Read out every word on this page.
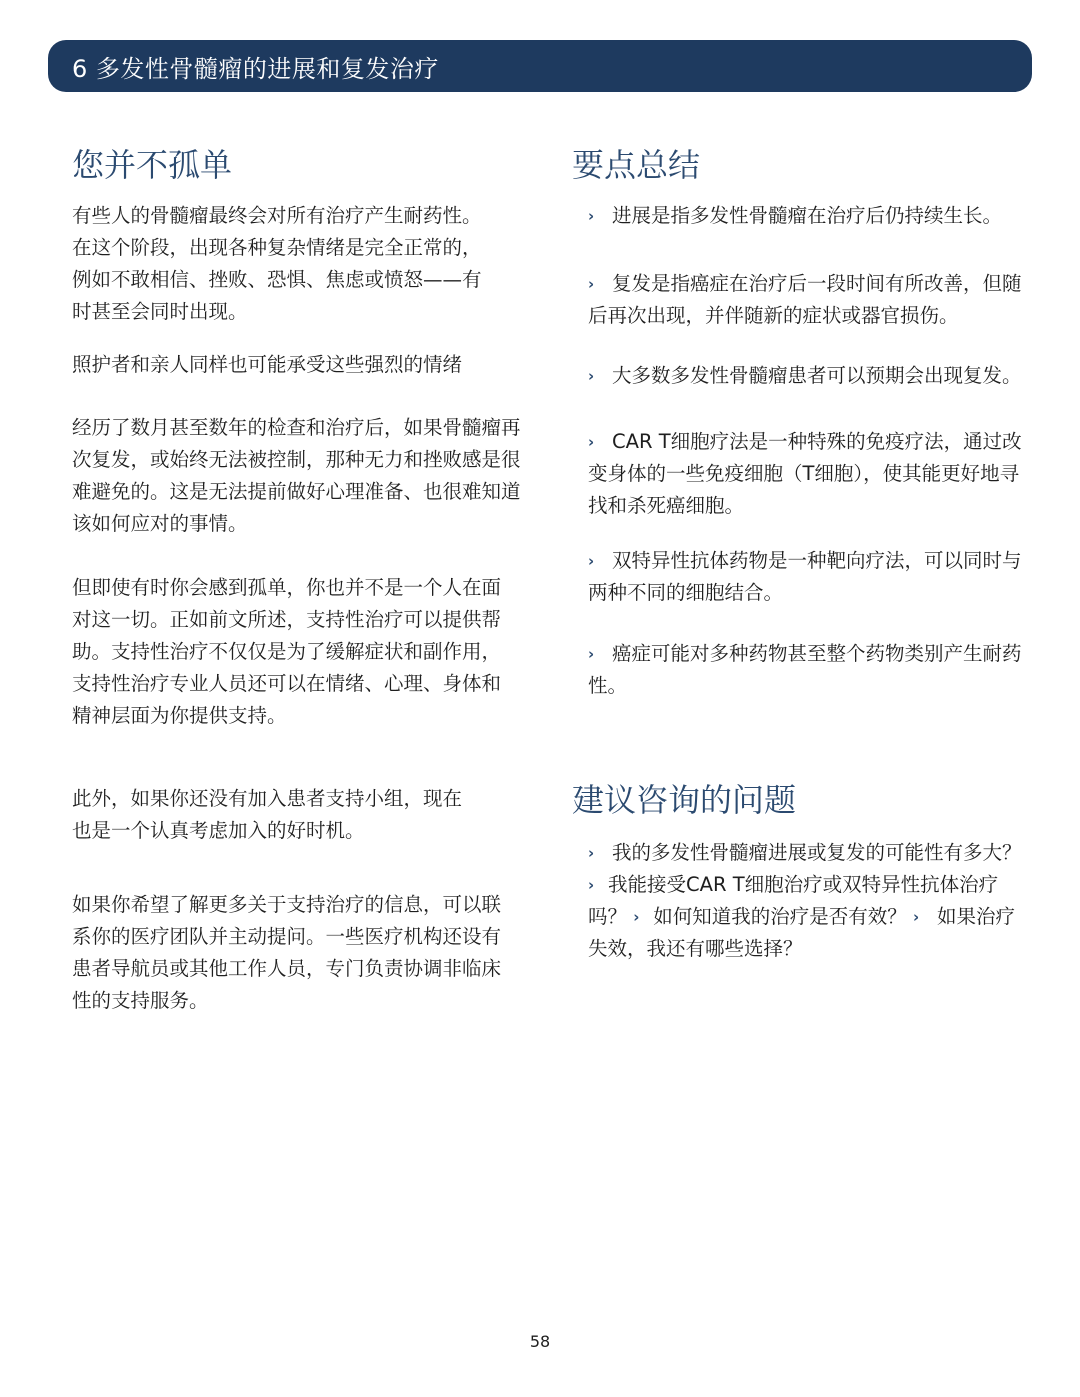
6 多发性骨髓瘤的进展和复发治疗
您并不孤单

有些人的骨髓瘤最终会对所有治疗产生耐药性。在这个阶段，出现各种复杂情绪是完全正常的，例如不敢相信、挫败、恐惧、焦虑或愤怒——有时甚至会同时出现。

照护者和亲人同样也可能承受这些强烈的情绪

经历了数月甚至数年的检查和治疗后，如果骨髓瘤再次复发，或始终无法被控制，那种无力和挫败感是很难避免的。这是无法提前做好心理准备、也很难知道该如何应对的事情。

但即使有时你会感到孤单，你也并不是一个人在面对这一切。正如前文所述，支持性治疗可以提供帮助。支持性治疗不仅仅是为了缓解症状和副作用，支持性治疗专业人员还可以在情绪、心理、身体和精神层面为你提供支持。

此外，如果你还没有加入患者支持小组，现在也是一个认真考虑加入的好时机。

如果你希望了解更多关于支持治疗的信息，可以联系你的医疗团队并主动提问。一些医疗机构还设有患者导航员或其他工作人员，专门负责协调非临床性的支持服务。

要点总结

› 进展是指多发性骨髓瘤在治疗后仍持续生长。

› 复发是指癌症在治疗后一段时间有所改善，但随后再次出现，并伴随新的症状或器官损伤。

› 大多数多发性骨髓瘤患者可以预期会出现复发。

› CAR T细胞疗法是一种特殊的免疫疗法，通过改变身体的一些免疫细胞（T细胞），使其能更好地寻找和杀死癌细胞。

› 双特异性抗体药物是一种靶向疗法，可以同时与两种不同的细胞结合。

› 癌症可能对多种药物甚至整个药物类别产生耐药性。

建议咨询的问题

› 我的多发性骨髓瘤进展或复发的可能性有多大？ › 我能接受CAR T细胞治疗或双特异性抗体治疗吗？ › 如何知道我的治疗是否有效？ › 如果治疗失效，我还有哪些选择？

58
